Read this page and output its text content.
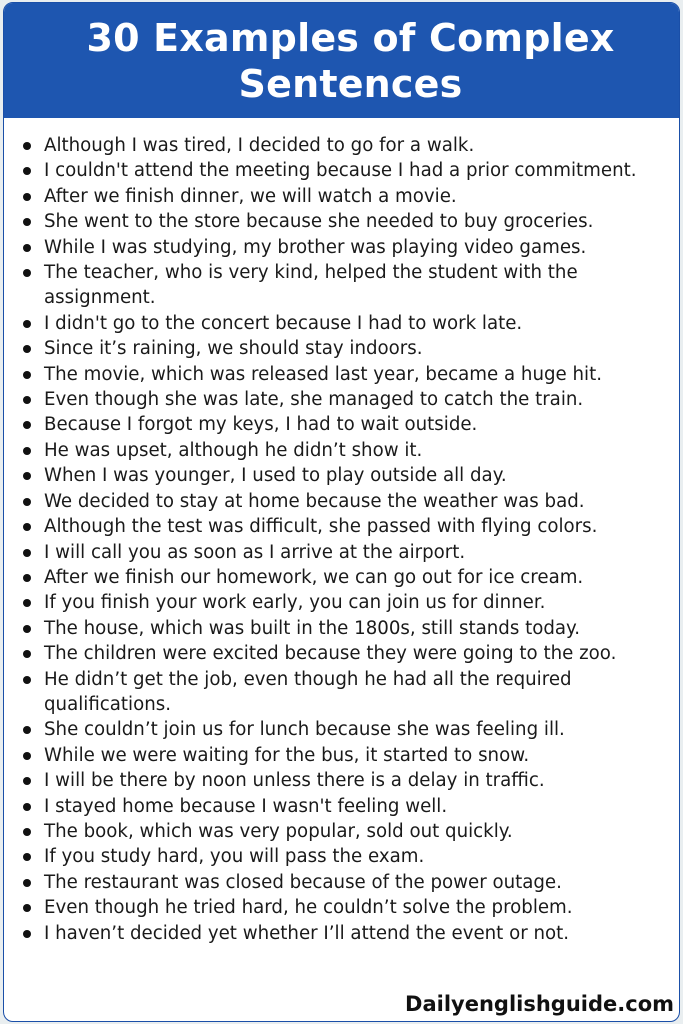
30 Examples of Complex Sentences
Although I was tired, I decided to go for a walk.
I couldn't attend the meeting because I had a prior commitment.
After we finish dinner, we will watch a movie.
She went to the store because she needed to buy groceries.
While I was studying, my brother was playing video games.
The teacher, who is very kind, helped the student with the assignment.
I didn't go to the concert because I had to work late.
Since it’s raining, we should stay indoors.
The movie, which was released last year, became a huge hit.
Even though she was late, she managed to catch the train.
Because I forgot my keys, I had to wait outside.
He was upset, although he didn’t show it.
When I was younger, I used to play outside all day.
We decided to stay at home because the weather was bad.
Although the test was difficult, she passed with flying colors.
I will call you as soon as I arrive at the airport.
After we finish our homework, we can go out for ice cream.
If you finish your work early, you can join us for dinner.
The house, which was built in the 1800s, still stands today.
The children were excited because they were going to the zoo.
He didn’t get the job, even though he had all the required qualifications.
She couldn’t join us for lunch because she was feeling ill.
While we were waiting for the bus, it started to snow.
I will be there by noon unless there is a delay in traffic.
I stayed home because I wasn't feeling well.
The book, which was very popular, sold out quickly.
If you study hard, you will pass the exam.
The restaurant was closed because of the power outage.
Even though he tried hard, he couldn’t solve the problem.
I haven’t decided yet whether I’ll attend the event or not.
Dailyenglishguide.com
